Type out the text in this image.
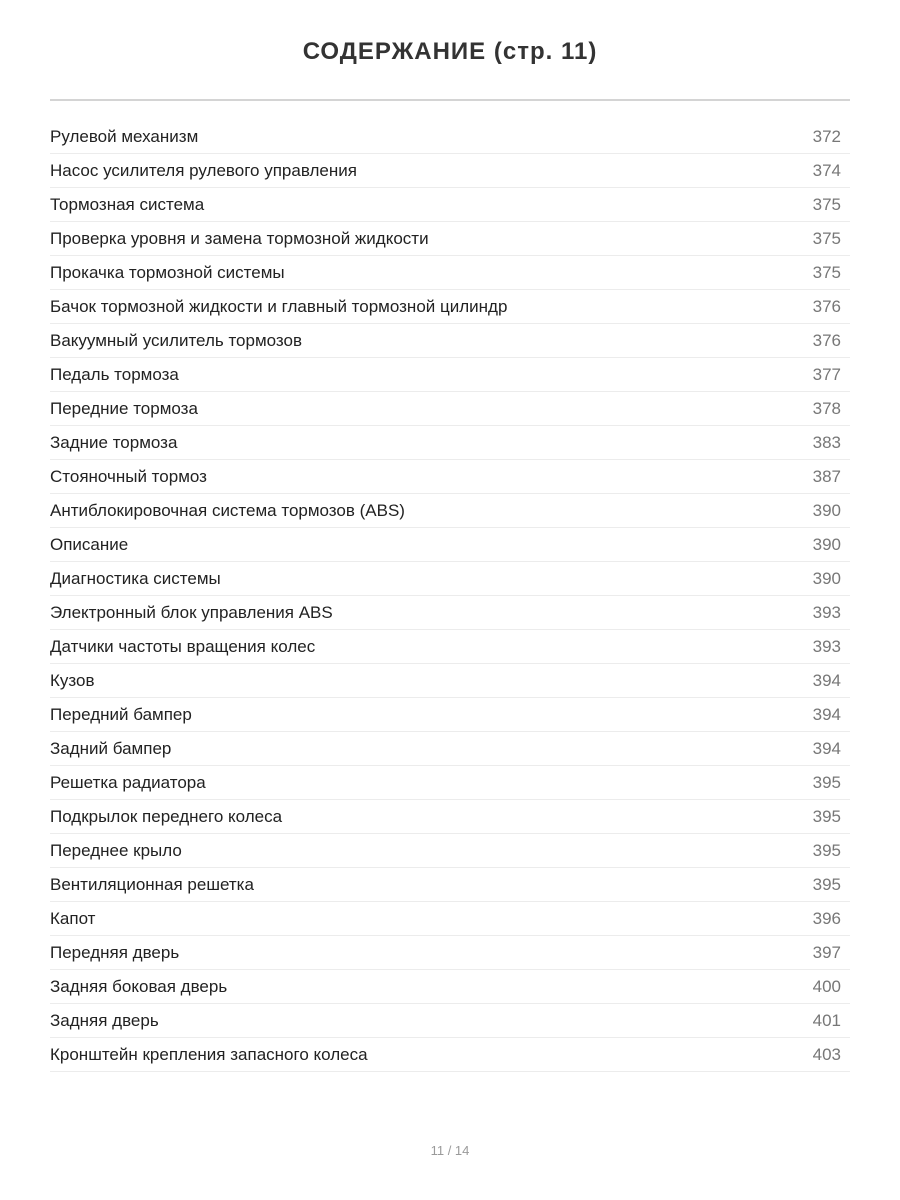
СОДЕРЖАНИЕ (стр. 11)
Рулевой механизм	372
Насос усилителя рулевого управления	374
Тормозная система	375
Проверка уровня и замена тормозной жидкости	375
Прокачка тормозной системы	375
Бачок тормозной жидкости и главный тормозной цилиндр	376
Вакуумный усилитель тормозов	376
Педаль тормоза	377
Передние тормоза	378
Задние тормоза	383
Стояночный тормоз	387
Антиблокировочная система тормозов (ABS)	390
Описание	390
Диагностика системы	390
Электронный блок управления ABS	393
Датчики частоты вращения колес	393
Кузов	394
Передний бампер	394
Задний бампер	394
Решетка радиатора	395
Подкрылок переднего колеса	395
Переднее крыло	395
Вентиляционная решетка	395
Капот	396
Передняя дверь	397
Задняя боковая дверь	400
Задняя дверь	401
Кронштейн крепления запасного колеса	403
11 / 14
